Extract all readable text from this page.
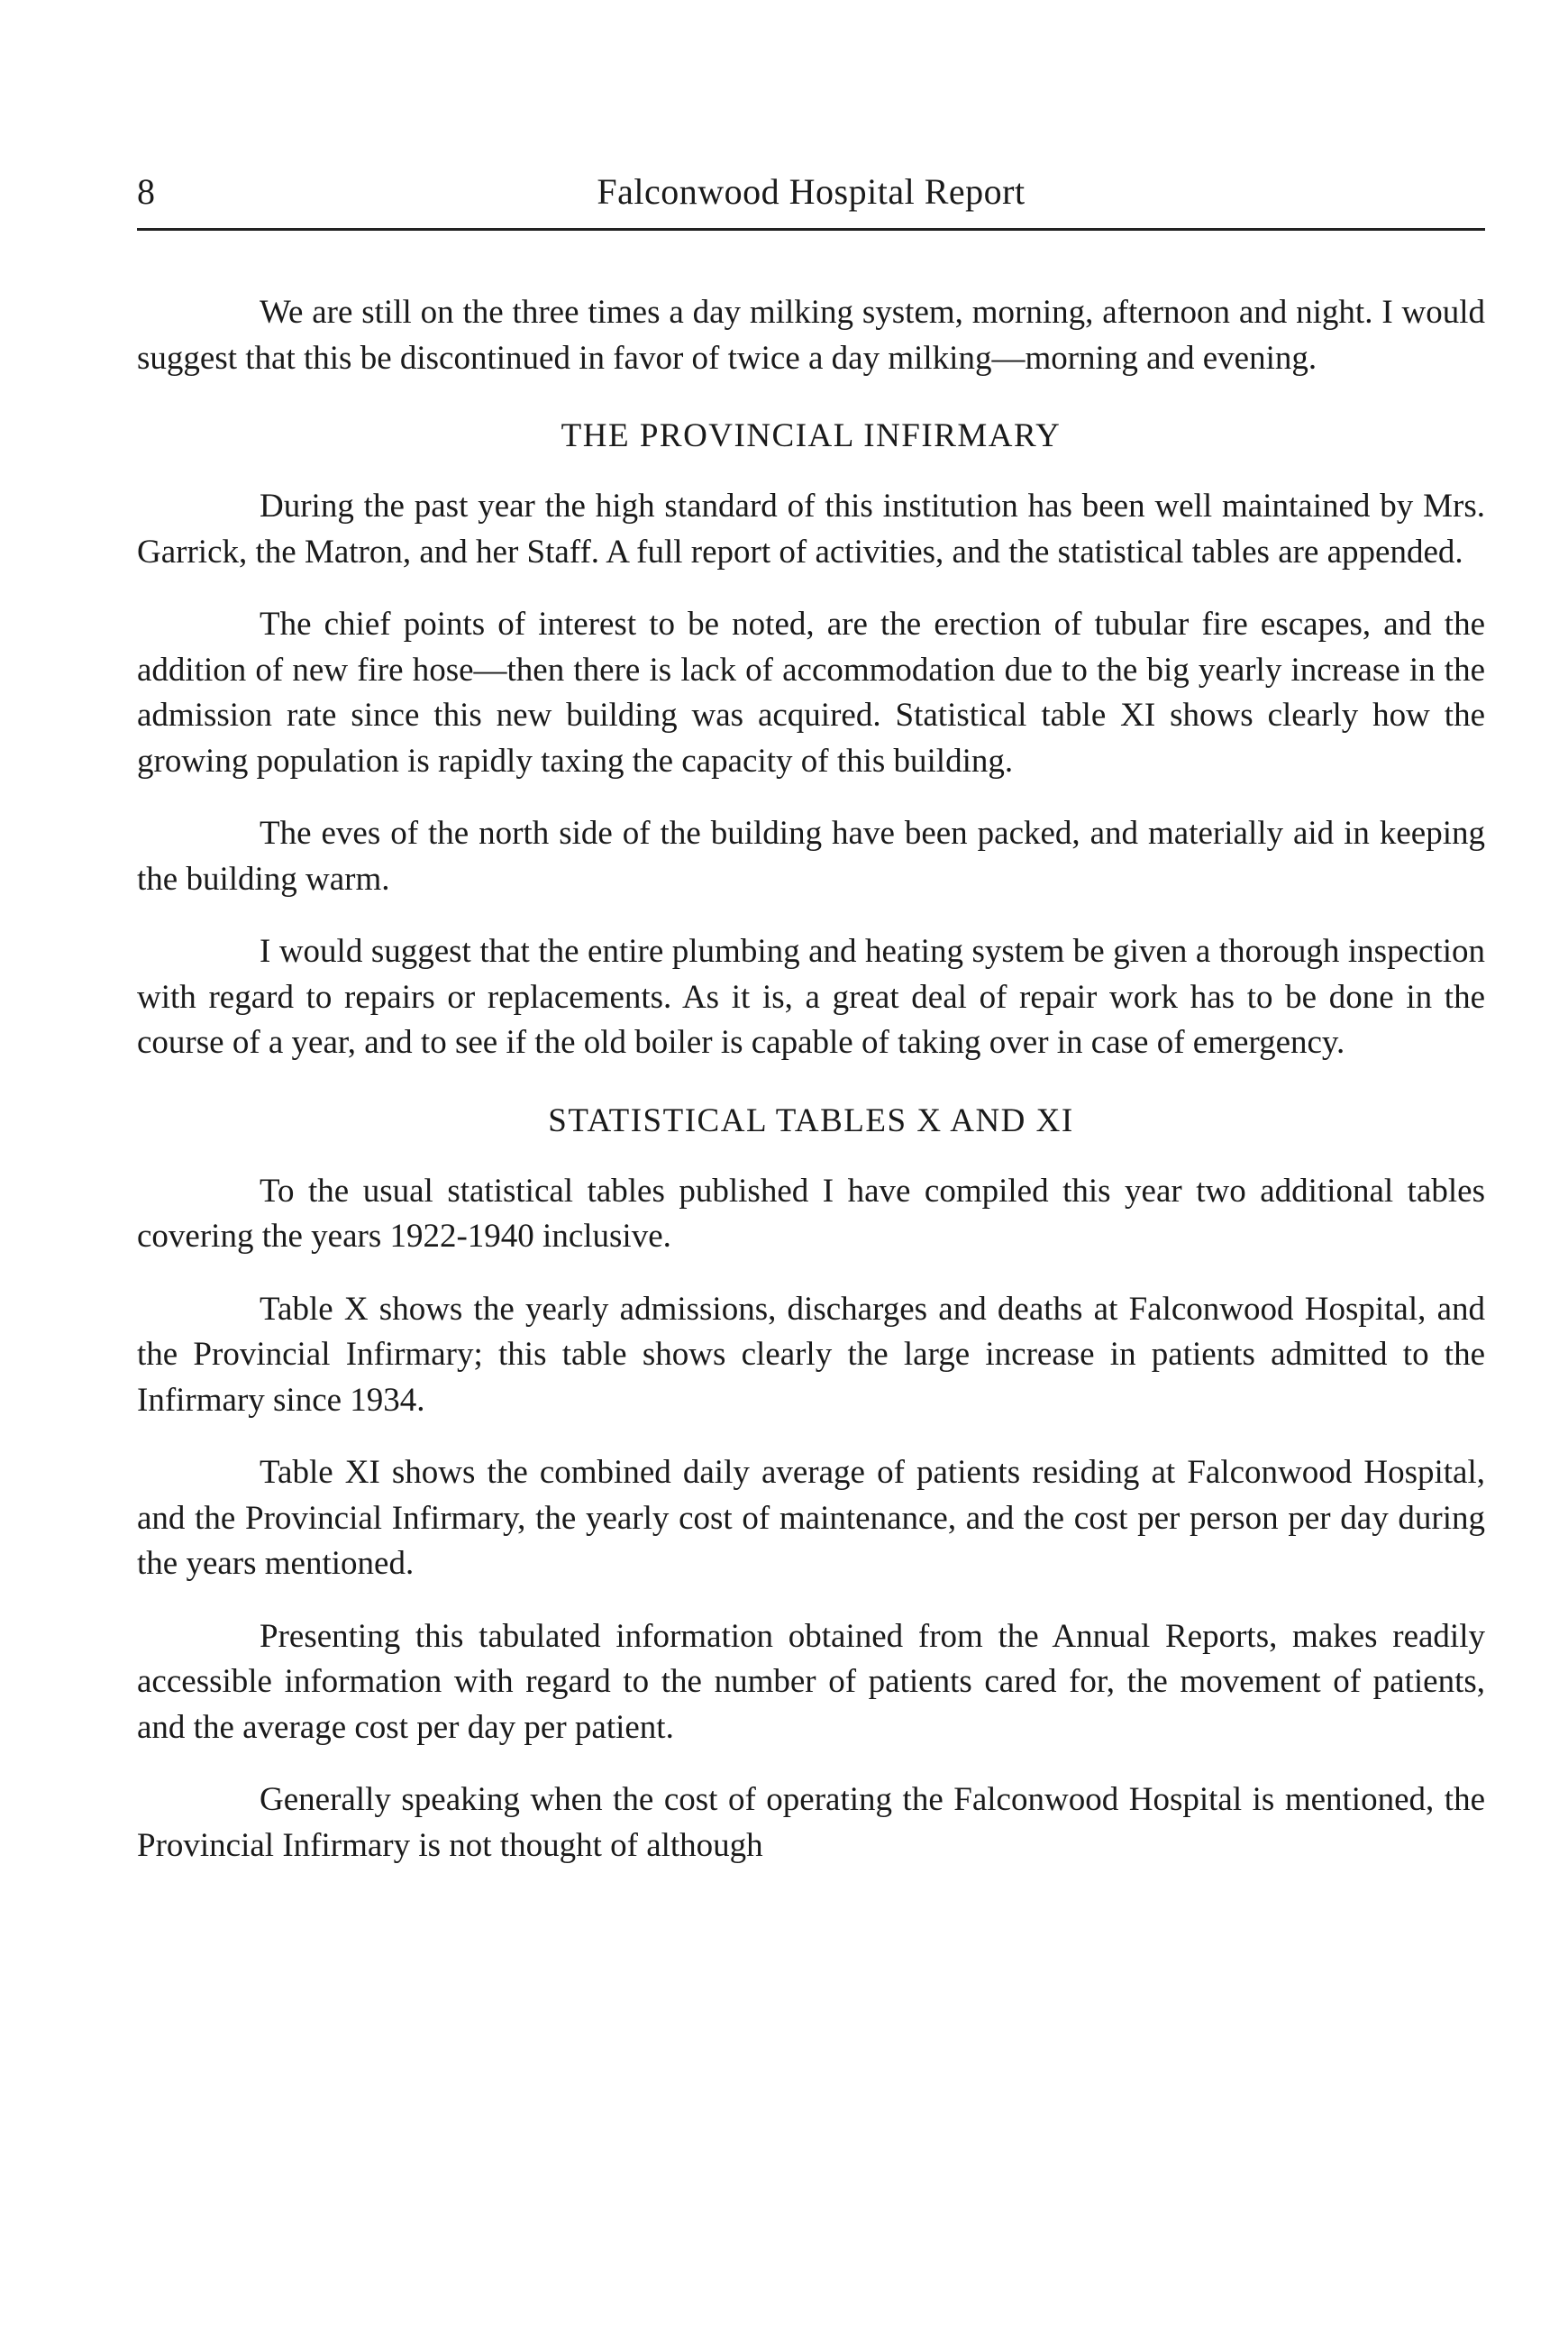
8	Falconwood Hospital Report

We are still on the three times a day milking system, morning, afternoon and night. I would suggest that this be discontinued in favor of twice a day milking—morning and evening.

THE PROVINCIAL INFIRMARY

During the past year the high standard of this institution has been well maintained by Mrs. Garrick, the Matron, and her Staff. A full report of activities, and the statistical tables are appended.

The chief points of interest to be noted, are the erection of tubular fire escapes, and the addition of new fire hose—then there is lack of accommodation due to the big yearly increase in the admission rate since this new building was acquired. Statistical table XI shows clearly how the growing population is rapidly taxing the capacity of this building.

The eves of the north side of the building have been packed, and materially aid in keeping the building warm.

I would suggest that the entire plumbing and heating system be given a thorough inspection with regard to repairs or replacements. As it is, a great deal of repair work has to be done in the course of a year, and to see if the old boiler is capable of taking over in case of emergency.

STATISTICAL TABLES X AND XI

To the usual statistical tables published I have compiled this year two additional tables covering the years 1922-1940 inclusive.

Table X shows the yearly admissions, discharges and deaths at Falconwood Hospital, and the Provincial Infirmary; this table shows clearly the large increase in patients admitted to the Infirmary since 1934.

Table XI shows the combined daily average of patients residing at Falconwood Hospital, and the Provincial Infirmary, the yearly cost of maintenance, and the cost per person per day during the years mentioned.

Presenting this tabulated information obtained from the Annual Reports, makes readily accessible information with regard to the number of patients cared for, the movement of patients, and the average cost per day per patient.

Generally speaking when the cost of operating the Falconwood Hospital is mentioned, the Provincial Infirmary is not thought of although
